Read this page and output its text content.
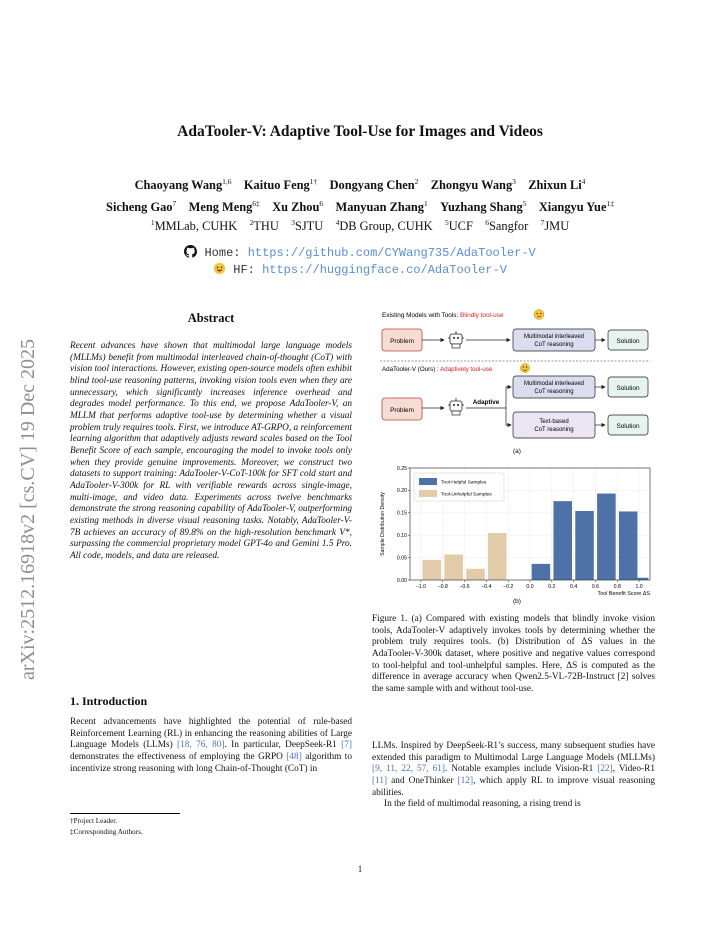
arXiv:2512.16918v2 [cs.CV] 19 Dec 2025
AdaTooler-V: Adaptive Tool-Use for Images and Videos
Chaoyang Wang$^{1,6}$  Kaituo Feng$^{1\dagger}$  Dongyang Chen$^2$  Zhongyu Wang$^3$  Zhixun Li$^4$
Sicheng Gao$^7$  Meng Meng$^{6\ddagger}$  Xu Zhou$^6$  Manyuan Zhang$^1$  Yuzhang Shang$^5$  Xiangyu Yue$^{1\ddagger}$
$^1$MMLab, CUHK  $^2$THU  $^3$SJTU  $^4$DB Group, CUHK  $^5$UCF  $^6$Sangfor  $^7$JMU
Home: https://github.com/CYWang735/AdaTooler-V
HF: https://huggingface.co/AdaTooler-V
Abstract
Recent advances have shown that multimodal large language models (MLLMs) benefit from multimodal interleaved chain-of-thought (CoT) with vision tool interactions. However, existing open-source models often exhibit blind tool-use reasoning patterns, invoking vision tools even when they are unnecessary, which significantly increases inference overhead and degrades model performance. To this end, we propose AdaTooler-V, an MLLM that performs adaptive tool-use by determining whether a visual problem truly requires tools. First, we introduce AT-GRPO, a reinforcement learning algorithm that adaptively adjusts reward scales based on the Tool Benefit Score of each sample, encouraging the model to invoke tools only when they provide genuine improvements. Moreover, we construct two datasets to support training: AdaTooler-V-CoT-100k for SFT cold start and AdaTooler-V-300k for RL with verifiable rewards across single-image, multi-image, and video data. Experiments across twelve benchmarks demonstrate the strong reasoning capability of AdaTooler-V, outperforming existing methods in diverse visual reasoning tasks. Notably, AdaTooler-V-7B achieves an accuracy of 89.8% on the high-resolution benchmark V*, surpassing the commercial proprietary model GPT-4o and Gemini 1.5 Pro. All code, models, and data are released.
1. Introduction
Recent advancements have highlighted the potential of rule-based Reinforcement Learning (RL) in enhancing the reasoning abilities of Large Language Models (LLMs) [18, 76, 80]. In particular, DeepSeek-R1 [7] demonstrates the effectiveness of employing the GRPO [48] algorithm to incentivize strong reasoning with long Chain-of-Thought (CoT) in
†Project Leader.
‡Corresponding Authors.
Existing Models with Tools: Blindly tool-use
Problem
Multimodal interleaved
CoT reasoning	Solution
AdaTooler-V (Ours) : Adaptively tool-use
Problem
Adaptive
Multimodal interleaved
CoT reasoning	Solution
Text-based
CoT reasoning	Solution
(a)
Sample Distribution Density
−1.0 −0.8 −0.6 −0.4 −0.2	0.0	0.2	0.4	0.6	0.8	1.0
0.00
0.05
0.10
0.15
0.20
0.25
Tool Benefit Score ΔS
Tool-Helpful Samples
Tool-Unhelpful Samples
(b)
Figure 1. (a) Compared with existing models that blindly invoke vision tools, AdaTooler-V adaptively invokes tools by determining whether the problem truly requires tools. (b) Distribution of ΔS values in the AdaTooler-V-300k dataset, where positive and negative values correspond to tool-helpful and tool-unhelpful samples. Here, ΔS is computed as the difference in average accuracy when Qwen2.5-VL-72B-Instruct [2] solves the same sample with and without tool-use.
LLMs. Inspired by DeepSeek-R1’s success, many subsequent studies have extended this paradigm to Multimodal Large Language Models (MLLMs) [9, 11, 22, 57, 61]. Notable examples include Vision-R1 [22], Video-R1 [11] and OneThinker [12], which apply RL to improve visual reasoning abilities.
In the field of multimodal reasoning, a rising trend is
1
